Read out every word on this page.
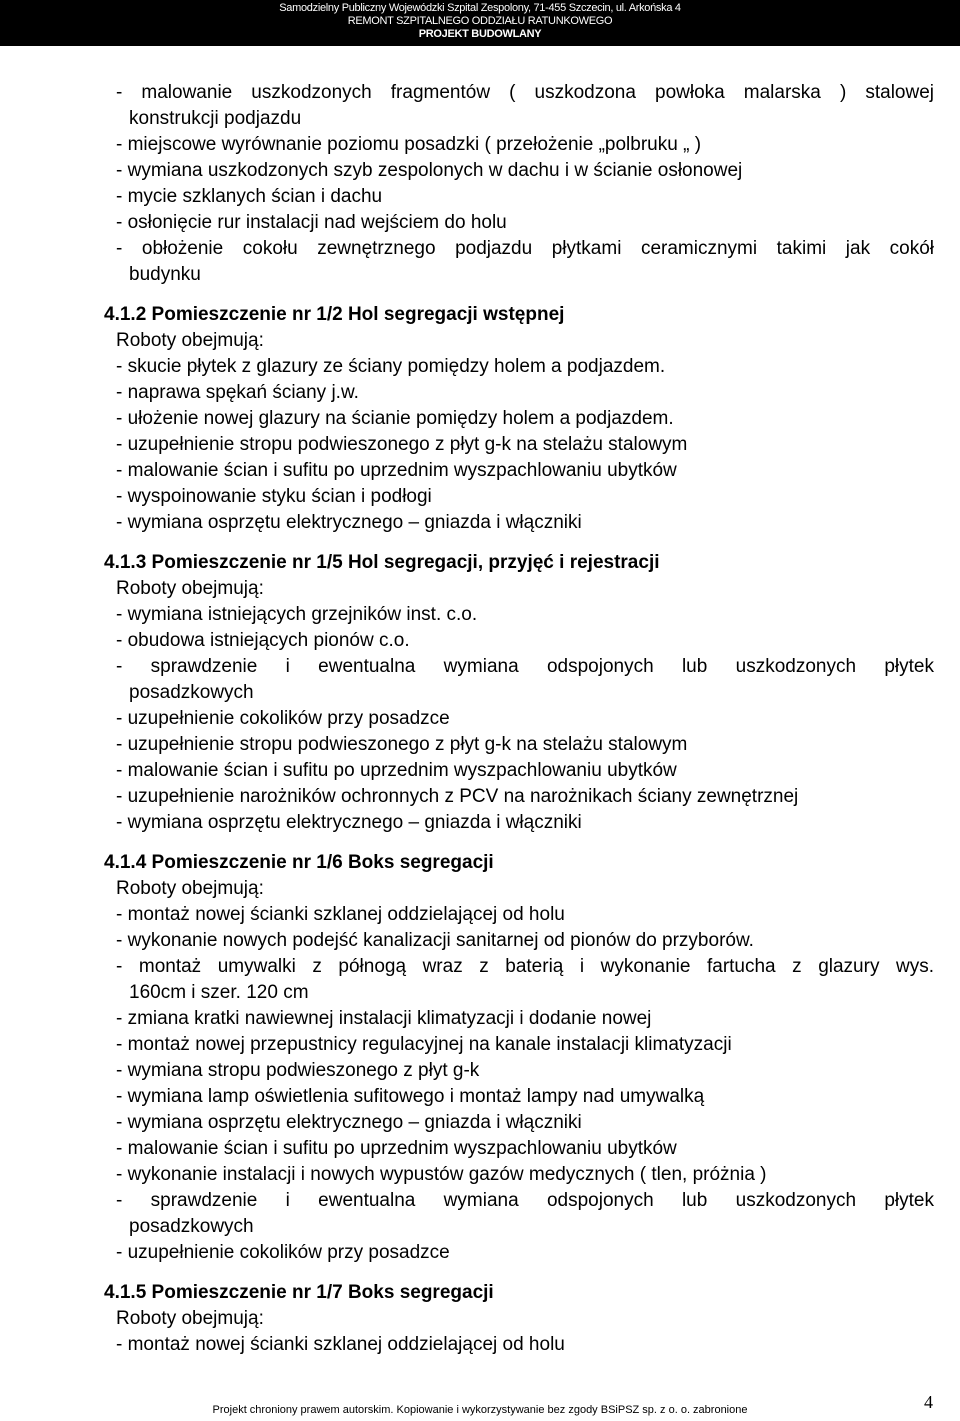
Samodzielny Publiczny Wojewódzki Szpital Zespolony, 71-455 Szczecin, ul. Arkońska 4
REMONT SZPITALNEGO ODDZIAŁU RATUNKOWEGO
PROJEKT BUDOWLANY
- malowanie uszkodzonych fragmentów ( uszkodzona powłoka malarska ) stalowej
konstrukcji podjazdu
- miejscowe wyrównanie poziomu posadzki ( przełożenie „polbruku „ )
- wymiana uszkodzonych szyb zespolonych w dachu i w ścianie osłonowej
- mycie szklanych ścian i dachu
- osłonięcie rur instalacji nad wejściem do holu
- obłożenie cokołu zewnętrznego podjazdu płytkami ceramicznymi takimi jak cokół
budynku
4.1.2 Pomieszczenie nr 1/2 Hol segregacji wstępnej
Roboty obejmują:
- skucie płytek z glazury ze ściany pomiędzy holem a podjazdem.
- naprawa spękań ściany j.w.
- ułożenie nowej glazury na ścianie pomiędzy holem a podjazdem.
- uzupełnienie stropu podwieszonego z płyt g-k na stelażu stalowym
- malowanie ścian i sufitu po uprzednim wyszpachlowaniu ubytków
- wyspoinowanie styku ścian i podłogi
- wymiana osprzętu elektrycznego – gniazda i włączniki
4.1.3 Pomieszczenie nr 1/5 Hol segregacji, przyjęć i rejestracji
Roboty obejmują:
- wymiana istniejących grzejników inst. c.o.
- obudowa istniejących pionów c.o.
- sprawdzenie i ewentualna wymiana odspojonych lub uszkodzonych płytek
posadzkowych
- uzupełnienie cokolików przy posadzce
- uzupełnienie stropu podwieszonego z płyt g-k na stelażu stalowym
- malowanie ścian i sufitu po uprzednim wyszpachlowaniu ubytków
- uzupełnienie narożników ochronnych z PCV na narożnikach ściany zewnętrznej
- wymiana osprzętu elektrycznego – gniazda i włączniki
4.1.4 Pomieszczenie nr 1/6 Boks segregacji
Roboty obejmują:
- montaż nowej ścianki szklanej oddzielającej od holu
- wykonanie nowych podejść kanalizacji sanitarnej od pionów do przyborów.
- montaż umywalki z półnogą wraz z baterią i wykonanie fartucha z glazury wys.
160cm i szer. 120 cm
- zmiana kratki nawiewnej instalacji klimatyzacji i dodanie nowej
- montaż nowej przepustnicy regulacyjnej na kanale instalacji klimatyzacji
- wymiana stropu podwieszonego z płyt g-k
- wymiana lamp oświetlenia sufitowego i montaż lampy nad umywalką
- wymiana osprzętu elektrycznego – gniazda i włączniki
- malowanie ścian i sufitu po uprzednim wyszpachlowaniu ubytków
- wykonanie instalacji i nowych wypustów gazów medycznych ( tlen, próżnia )
- sprawdzenie i ewentualna wymiana odspojonych lub uszkodzonych płytek
posadzkowych
- uzupełnienie cokolików przy posadzce
4.1.5 Pomieszczenie nr 1/7 Boks segregacji
Roboty obejmują:
- montaż nowej ścianki szklanej oddzielającej od holu
Projekt chroniony prawem autorskim. Kopiowanie i wykorzystywanie bez zgody BSiPSZ sp. z o. o. zabronione	4
